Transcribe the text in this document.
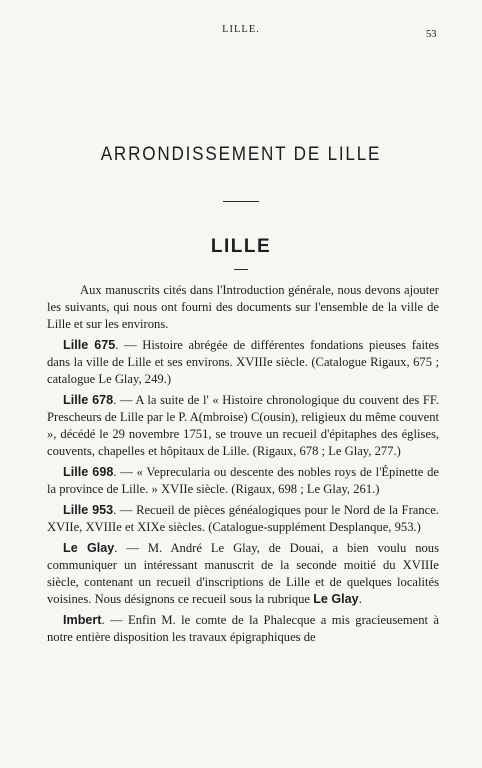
LILLE.	53
ARRONDISSEMENT DE LILLE
LILLE

Aux manuscrits cités dans l'Introduction générale, nous devons ajouter les suivants, qui nous ont fourni des documents sur l'ensemble de la ville de Lille et sur les environs.

Lille 675. — Histoire abrégée de différentes fondations pieuses faites dans la ville de Lille et ses environs. XVIIIe siècle. (Catalogue Rigaux, 675 ; catalogue Le Glay, 249.)

Lille 678. — A la suite de l' « Histoire chronologique du couvent des FF. Prescheurs de Lille par le P. A(mbroise) C(ousin), religieux du même couvent », décédé le 29 novembre 1751, se trouve un recueil d'épitaphes des églises, couvents, chapelles et hôpitaux de Lille. (Rigaux, 678 ; Le Glay, 277.)

Lille 698. — « Veprecularia ou descente des nobles roys de l'Épinette de la province de Lille. » XVIIe siècle. (Rigaux, 698 ; Le Glay, 261.)

Lille 953. — Recueil de pièces généalogiques pour le Nord de la France. XVIIe, XVIIIe et XIXe siècles. (Catalogue-supplément Desplanque, 953.)

Le Glay. — M. André Le Glay, de Douai, a bien voulu nous communiquer un intéressant manuscrit de la seconde moitié du XVIIIe siècle, contenant un recueil d'inscriptions de Lille et de quelques localités voisines. Nous désignons ce recueil sous la rubrique Le Glay.

Imbert. — Enfin M. le comte de la Phalecque a mis gracieusement à notre entière disposition les travaux épigraphiques de
